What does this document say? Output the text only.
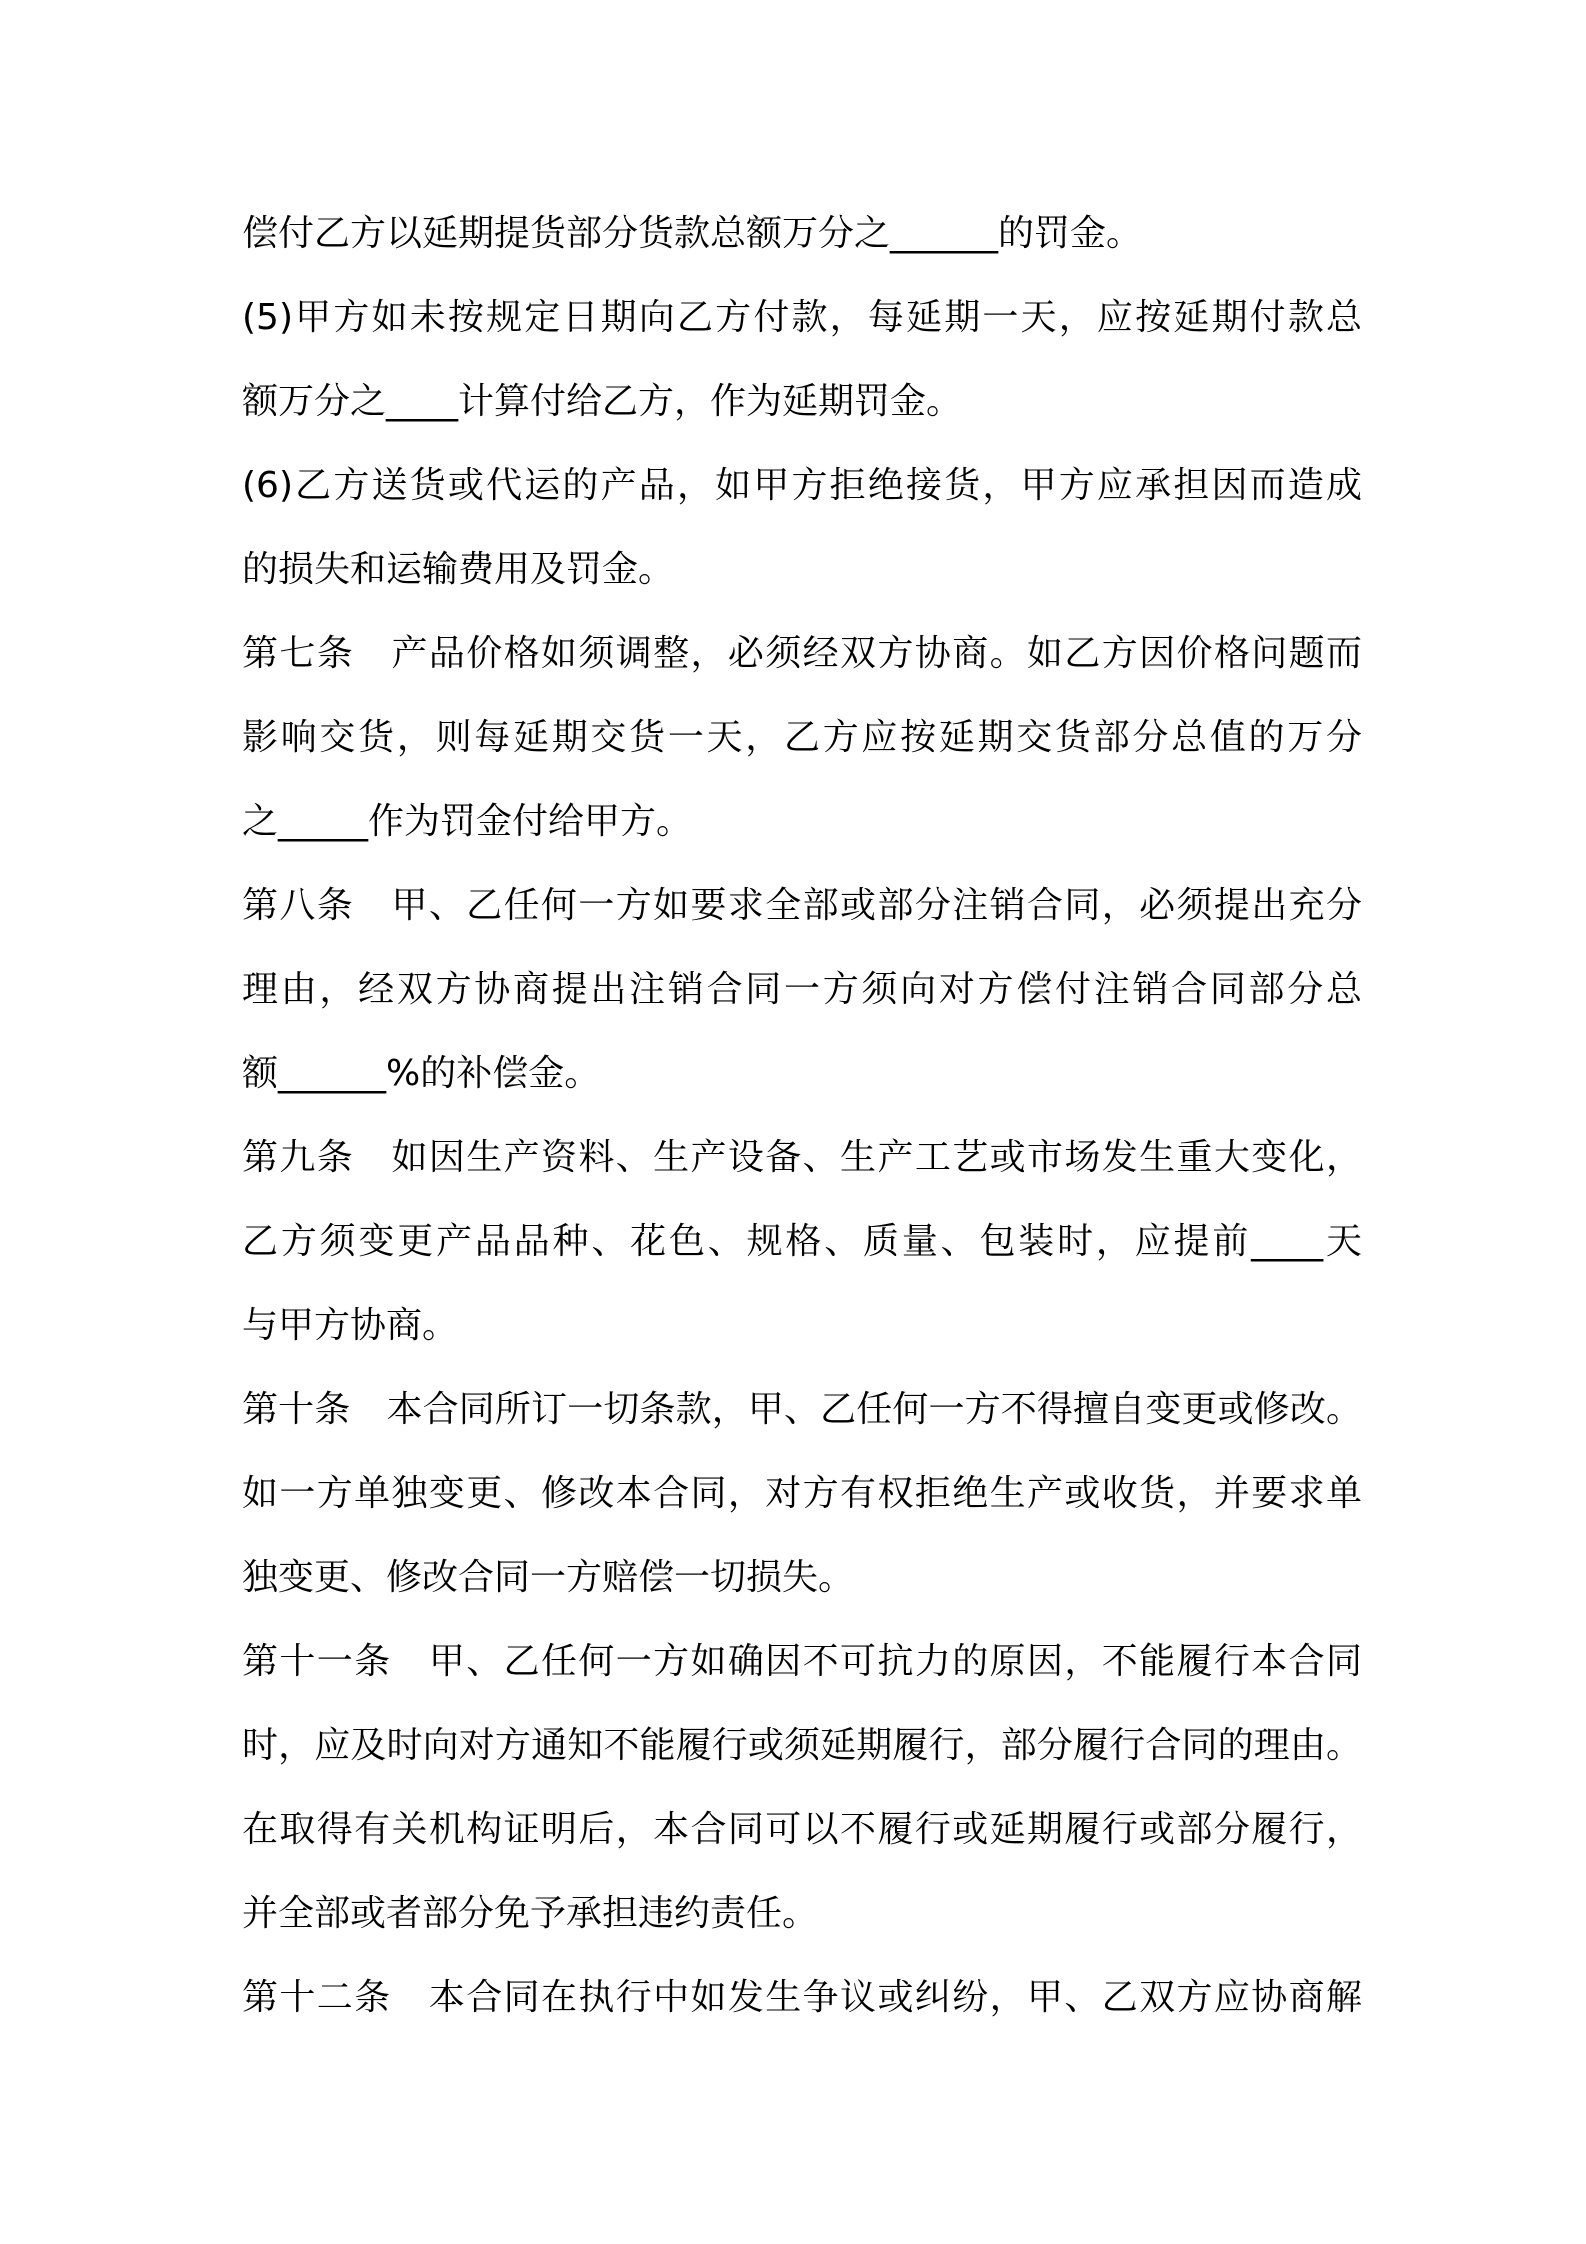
偿付乙方以延期提货部分货款总额万分之______的罚金。
(5)甲方如未按规定日期向乙方付款，每延期一天，应按延期付款总
额万分之____计算付给乙方，作为延期罚金。
(6)乙方送货或代运的产品，如甲方拒绝接货，甲方应承担因而造成
的损失和运输费用及罚金。
第七条　产品价格如须调整，必须经双方协商。如乙方因价格问题而
影响交货，则每延期交货一天，乙方应按延期交货部分总值的万分
之_____作为罚金付给甲方。
第八条　甲、乙任何一方如要求全部或部分注销合同，必须提出充分
理由，经双方协商提出注销合同一方须向对方偿付注销合同部分总
额______%的补偿金。
第九条　如因生产资料、生产设备、生产工艺或市场发生重大变化，
乙方须变更产品品种、花色、规格、质量、包装时，应提前____天
与甲方协商。
第十条　本合同所订一切条款，甲、乙任何一方不得擅自变更或修改。
如一方单独变更、修改本合同，对方有权拒绝生产或收货，并要求单
独变更、修改合同一方赔偿一切损失。
第十一条　甲、乙任何一方如确因不可抗力的原因，不能履行本合同
时，应及时向对方通知不能履行或须延期履行，部分履行合同的理由。
在取得有关机构证明后，本合同可以不履行或延期履行或部分履行，
并全部或者部分免予承担违约责任。
第十二条　本合同在执行中如发生争议或纠纷，甲、乙双方应协商解
